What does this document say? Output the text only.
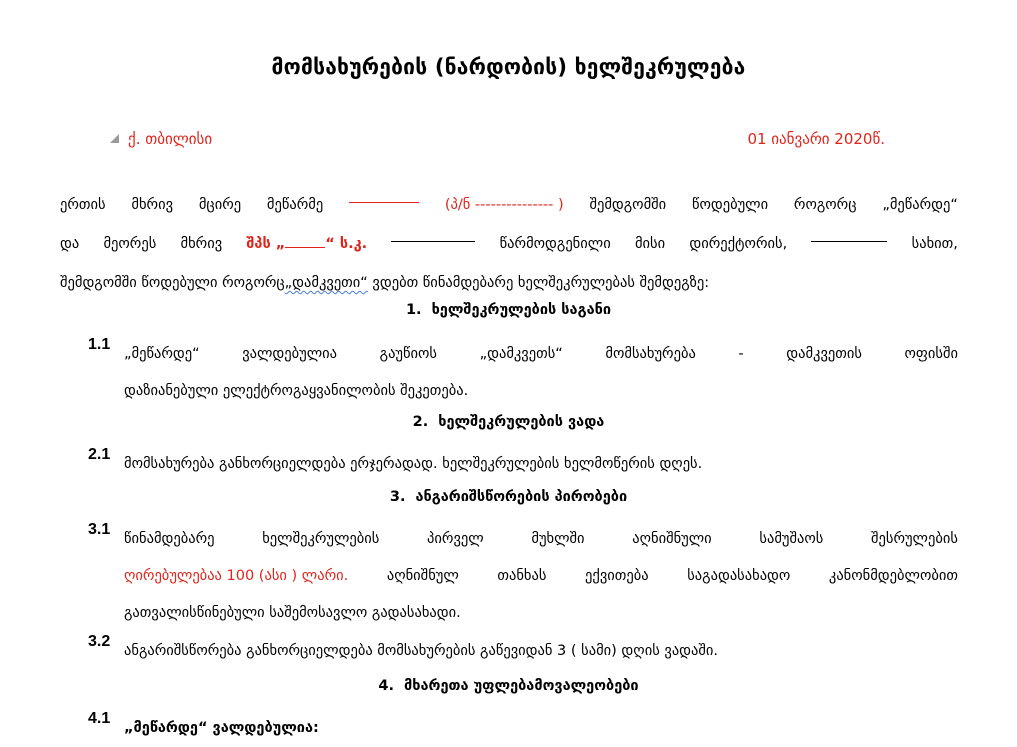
მომსახურების (ნარდობის) ხელშეკრულება
ქ. თბილისი	01 იანვარი 2020წ.
ერთის მხრივ მცირე მეწარმე	(პ/ნ --------------- ) შემდგომში წოდებული როგორც „მეწარდე“
და მეორეს მხრივ შპს „	“ ს.კ.	წარმოდგენილი მისი დირექტორის,	სახით,
შემდგომში წოდებული როგორც „დამკვეთი“ ვდებთ წინამდებარე ხელშეკრულებას შემდეგზე:
1. ხელშეკრულების საგანი
1.1
„მეწარდე“	ვალდებულია	გაუწიოს	„დამკვეთს“	მომსახურება	-	დამკვეთის	ოფისში
დაზიანებული ელექტროგაყვანილობის შეკეთება.
2. ხელშეკრულების ვადა
2.1
მომსახურება განხორციელდება ერჯერადად. ხელშეკრულების ხელმოწერის დღეს.
3. ანგარიშსწორების პირობები
3.1
წინამდებარე	ხელშეკრულების	პირველ	მუხლში	აღნიშნული	სამუშაოს	შესრულების
ღირებულებაა 100 (ასი ) ლარი.	აღნიშნულ	თანხას	ექვითება	საგადასახადო	კანონმდებლობით
გათვალისწინებული საშემოსავლო გადასახადი.
3.2
ანგარიშსწორება განხორციელდება მომსახურების გაწევიდან 3 ( სამი) დღის ვადაში.
4. მხარეთა უფლებამოვალეობები
4.1
„მეწარდე“ ვალდებულია:
